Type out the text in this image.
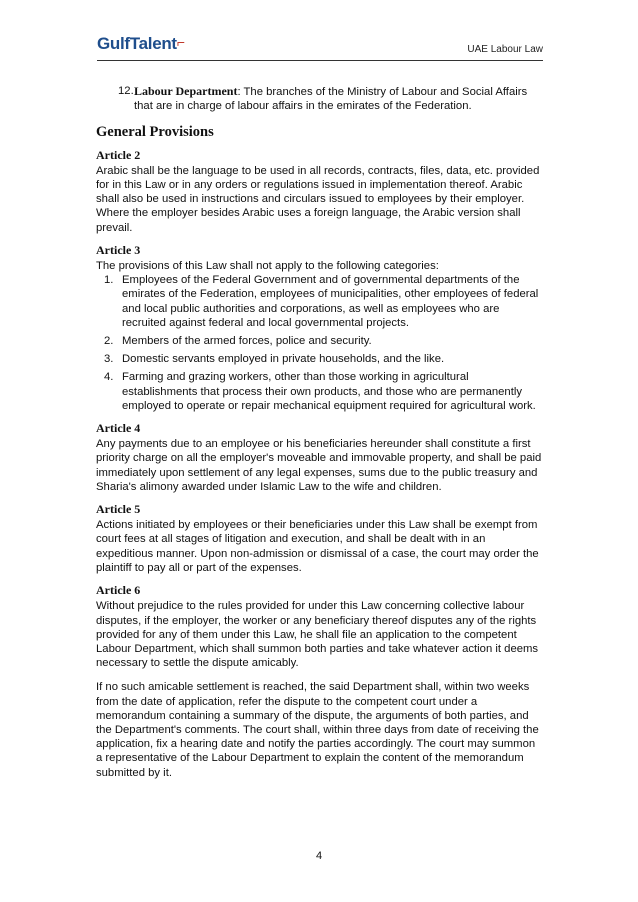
GulfTalent⌐	UAE Labour Law
12. Labour Department: The branches of the Ministry of Labour and Social Affairs that are in charge of labour affairs in the emirates of the Federation.
General Provisions
Article 2

Arabic shall be the language to be used in all records, contracts, files, data, etc. provided for in this Law or in any orders or regulations issued in implementation thereof. Arabic shall also be used in instructions and circulars issued to employees by their employer. Where the employer besides Arabic uses a foreign language, the Arabic version shall prevail.

Article 3

The provisions of this Law shall not apply to the following categories:

1. Employees of the Federal Government and of governmental departments of the emirates of the Federation, employees of municipalities, other employees of federal and local public authorities and corporations, as well as employees who are recruited against federal and local governmental projects.
2. Members of the armed forces, police and security.
3. Domestic servants employed in private households, and the like.
4. Farming and grazing workers, other than those working in agricultural establishments that process their own products, and those who are permanently employed to operate or repair mechanical equipment required for agricultural work.
Article 4

Any payments due to an employee or his beneficiaries hereunder shall constitute a first priority charge on all the employer's moveable and immovable property, and shall be paid immediately upon settlement of any legal expenses, sums due to the public treasury and Sharia's alimony awarded under Islamic Law to the wife and children.

Article 5

Actions initiated by employees or their beneficiaries under this Law shall be exempt from court fees at all stages of litigation and execution, and shall be dealt with in an expeditious manner. Upon non-admission or dismissal of a case, the court may order the plaintiff to pay all or part of the expenses.

Article 6

Without prejudice to the rules provided for under this Law concerning collective labour disputes, if the employer, the worker or any beneficiary thereof disputes any of the rights provided for any of them under this Law, he shall file an application to the competent Labour Department, which shall summon both parties and take whatever action it deems necessary to settle the dispute amicably.

If no such amicable settlement is reached, the said Department shall, within two weeks from the date of application, refer the dispute to the competent court under a memorandum containing a summary of the dispute, the arguments of both parties, and the Department's comments. The court shall, within three days from date of receiving the application, fix a hearing date and notify the parties accordingly. The court may summon a representative of the Labour Department to explain the content of the memorandum submitted by it.

4
